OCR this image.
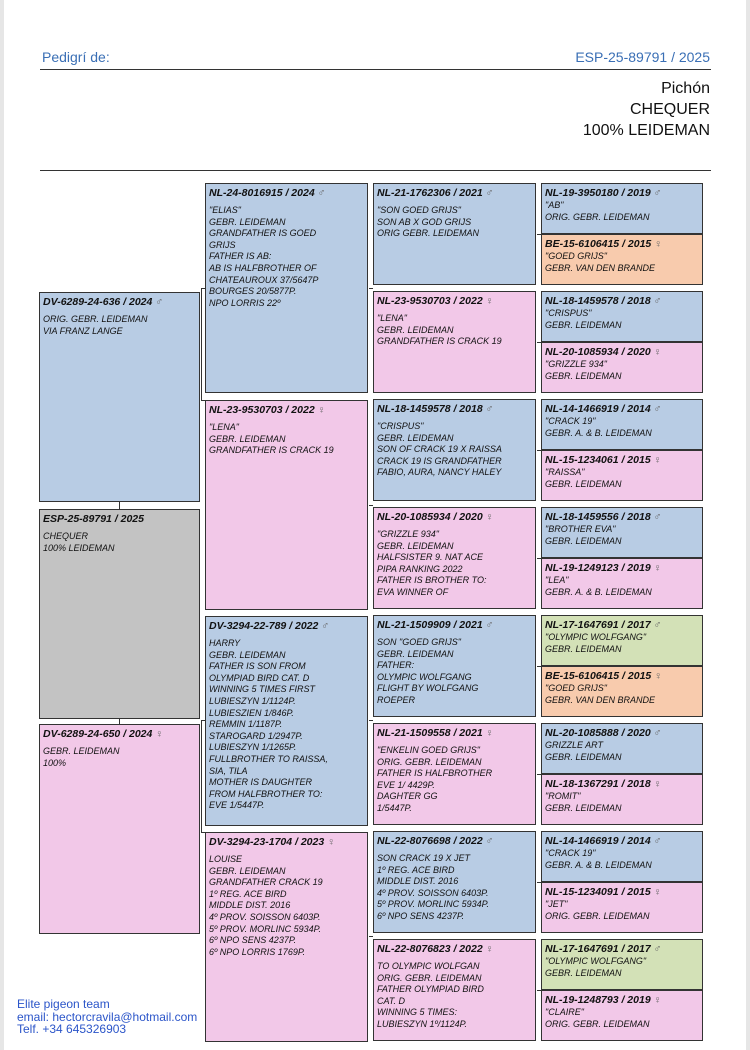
Pedigrí de:	ESP-25-89791 / 2025
Pichón
CHEQUER
100% LEIDEMAN
ESP-25-89791 / 2025
CHEQUER
100% LEIDEMAN
DV-6289-24-636 / 2024 ♂
ORIG. GEBR. LEIDEMAN
VIA FRANZ LANGE
DV-6289-24-650 / 2024 ♀
GEBR. LEIDEMAN
100%
NL-24-8016915 / 2024 ♂
"ELIAS"
GEBR. LEIDEMAN
GRANDFATHER IS GOED
GRIJS
FATHER IS AB:
AB IS HALFBROTHER OF
CHATEAUROUX 37/5647P
BOURGES 20/5877P.
NPO LORRIS 22º
NL-23-9530703 / 2022 ♀
"LENA"
GEBR. LEIDEMAN
GRANDFATHER IS CRACK 19
DV-3294-22-789 / 2022 ♂
HARRY
GEBR. LEIDEMAN
FATHER IS SON FROM
OLYMPIAD BIRD CAT. D
WINNING 5 TIMES FIRST
LUBIESZYN 1/1124P.
LUBIESZIEN 1/846P.
REMMIN 1/1187P.
STAROGARD 1/2947P.
LUBIESZYN 1/1265P.
FULLBROTHER TO RAISSA,
SIA, TILA
MOTHER IS DAUGHTER
FROM HALFBROTHER TO:
EVE 1/5447P.
DV-3294-23-1704 / 2023 ♀
LOUISE
GEBR. LEIDEMAN
GRANDFATHER CRACK 19
1º REG. ACE BIRD
MIDDLE DIST. 2016
4º PROV. SOISSON 6403P.
5º PROV. MORLINC 5934P.
6º NPO SENS 4237P.
6º NPO LORRIS 1769P.
NL-21-1762306 / 2021 ♂
"SON GOED GRIJS"
SON AB X GOD GRIJS
ORIG GEBR. LEIDEMAN
NL-23-9530703 / 2022 ♀
"LENA"
GEBR. LEIDEMAN
GRANDFATHER IS CRACK 19
NL-18-1459578 / 2018 ♂
"CRISPUS"
GEBR. LEIDEMAN
SON OF CRACK 19 X RAISSA
CRACK 19 IS GRANDFATHER
FABIO, AURA, NANCY HALEY
NL-20-1085934 / 2020 ♀
"GRIZZLE 934"
GEBR. LEIDEMAN
HALFSISTER 9. NAT ACE
PIPA RANKING 2022
FATHER IS BROTHER TO:
EVA WINNER OF
NL-21-1509909 / 2021 ♂
SON "GOED GRIJS"
GEBR. LEIDEMAN
FATHER:
OLYMPIC WOLFGANG
FLIGHT BY WOLFGANG
ROEPER
NL-21-1509558 / 2021 ♀
"ENKELIN GOED GRIJS"
ORIG. GEBR. LEIDEMAN
FATHER IS HALFBROTHER
EVE 1/ 4429P.
DAGHTER GG
1/5447P.
NL-22-8076698 / 2022 ♂
SON CRACK 19 X JET
1º REG. ACE BIRD
MIDDLE DIST. 2016
4º PROV. SOISSON 6403P.
5º PROV. MORLINC 5934P.
6º NPO SENS 4237P.
NL-22-8076823 / 2022 ♀
TO OLYMPIC WOLFGAN
ORIG. GEBR. LEIDEMAN
FATHER OLYMPIAD BIRD
CAT. D
WINNING 5 TIMES:
LUBIESZYN 1º/1124P.
NL-19-3950180 / 2019 ♂
"AB"
ORIG. GEBR. LEIDEMAN
BE-15-6106415 / 2015 ♀
"GOED GRIJS"
GEBR. VAN DEN BRANDE
NL-18-1459578 / 2018 ♂
"CRISPUS"
GEBR. LEIDEMAN
NL-20-1085934 / 2020 ♀
"GRIZZLE 934"
GEBR. LEIDEMAN
NL-14-1466919 / 2014 ♂
"CRACK 19"
GEBR. A. & B. LEIDEMAN
NL-15-1234061 / 2015 ♀
"RAISSA"
GEBR. LEIDEMAN
NL-18-1459556 / 2018 ♂
"BROTHER EVA"
GEBR. LEIDEMAN
NL-19-1249123 / 2019 ♀
"LEA"
GEBR. A. & B. LEIDEMAN
NL-17-1647691 / 2017 ♂
"OLYMPIC WOLFGANG"
GEBR. LEIDEMAN
BE-15-6106415 / 2015 ♀
"GOED GRIJS"
GEBR. VAN DEN BRANDE
NL-20-1085888 / 2020 ♂
GRIZZLE ART
GEBR. LEIDEMAN
NL-18-1367291 / 2018 ♀
"ROMIT"
GEBR. LEIDEMAN
NL-14-1466919 / 2014 ♂
"CRACK 19"
GEBR. A. & B. LEIDEMAN
NL-15-1234091 / 2015 ♀
"JET"
ORIG. GEBR. LEIDEMAN
NL-17-1647691 / 2017 ♂
"OLYMPIC WOLFGANG"
GEBR. LEIDEMAN
NL-19-1248793 / 2019 ♀
"CLAIRE"
ORIG. GEBR. LEIDEMAN
Elite pigeon team
email: hectorcravila@hotmail.com
Telf. +34 645326903
